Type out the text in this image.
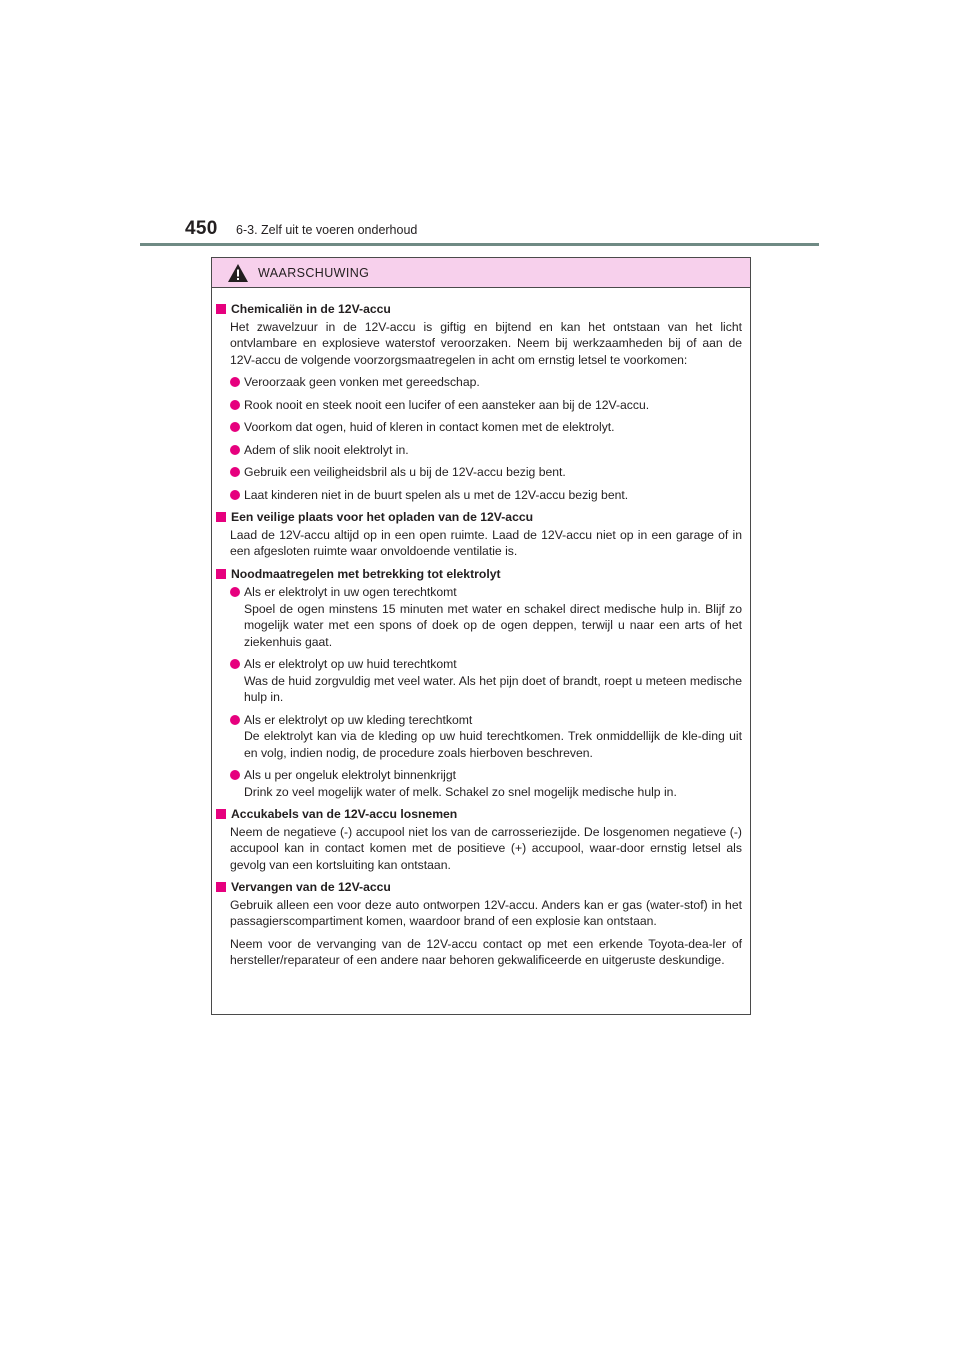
450 6-3. Zelf uit te voeren onderhoud
WAARSCHUWING
Chemicaliën in de 12V-accu

Het zwavelzuur in de 12V-accu is giftig en bijtend en kan het ontstaan van het licht ontvlambare en explosieve waterstof veroorzaken. Neem bij werkzaamheden bij of aan de 12V-accu de volgende voorzorgsmaatregelen in acht om ernstig letsel te voorkomen:

Veroorzaak geen vonken met gereedschap.
Rook nooit en steek nooit een lucifer of een aansteker aan bij de 12V-accu.
Voorkom dat ogen, huid of kleren in contact komen met de elektrolyt.
Adem of slik nooit elektrolyt in.
Gebruik een veiligheidsbril als u bij de 12V-accu bezig bent.
Laat kinderen niet in de buurt spelen als u met de 12V-accu bezig bent.
Een veilige plaats voor het opladen van de 12V-accu

Laad de 12V-accu altijd op in een open ruimte. Laad de 12V-accu niet op in een garage of in een afgesloten ruimte waar onvoldoende ventilatie is.

Noodmaatregelen met betrekking tot elektrolyt
Als er elektrolyt in uw ogen terechtkomt
Spoel de ogen minstens 15 minuten met water en schakel direct medische hulp in. Blijf zo mogelijk water met een spons of doek op de ogen deppen, terwijl u naar een arts of het ziekenhuis gaat.
Als er elektrolyt op uw huid terechtkomt
Was de huid zorgvuldig met veel water. Als het pijn doet of brandt, roept u meteen medische hulp in.
Als er elektrolyt op uw kleding terechtkomt
De elektrolyt kan via de kleding op uw huid terechtkomen. Trek onmiddellijk de kle-ding uit en volg, indien nodig, de procedure zoals hierboven beschreven.
Als u per ongeluk elektrolyt binnenkrijgt
Drink zo veel mogelijk water of melk. Schakel zo snel mogelijk medische hulp in.
Accukabels van de 12V-accu losnemen

Neem de negatieve (-) accupool niet los van de carrosseriezijde. De losgenomen negatieve (-) accupool kan in contact komen met de positieve (+) accupool, waar-door ernstig letsel als gevolg van een kortsluiting kan ontstaan.

Vervangen van de 12V-accu

Gebruik alleen een voor deze auto ontworpen 12V-accu. Anders kan er gas (water-stof) in het passagierscompartiment komen, waardoor brand of een explosie kan ontstaan.

Neem voor de vervanging van de 12V-accu contact op met een erkende Toyota-dea-ler of hersteller/reparateur of een andere naar behoren gekwalificeerde en uitgeruste deskundige.
